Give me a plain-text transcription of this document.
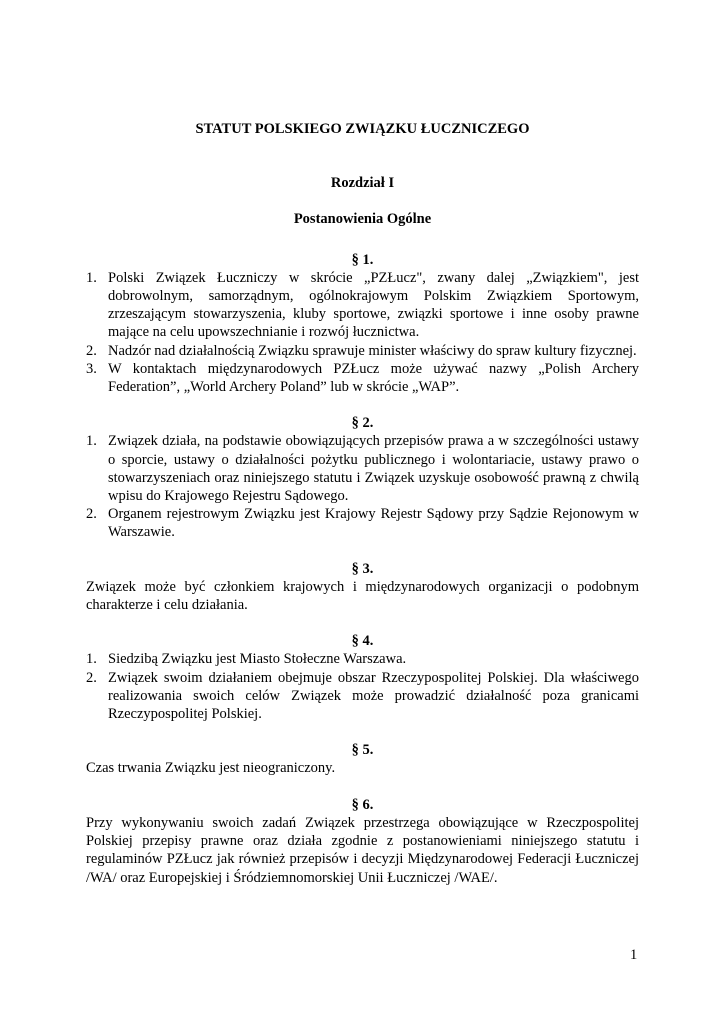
STATUT POLSKIEGO ZWIĄZKU ŁUCZNICZEGO

Rozdział I

Postanowienia Ogólne

§ 1.

1. Polski Związek Łuczniczy w skrócie „PZŁucz", zwany dalej „Związkiem", jest dobrowolnym, samorządnym, ogólnokrajowym Polskim Związkiem Sportowym, zrzeszającym stowarzyszenia, kluby sportowe, związki sportowe i inne osoby prawne mające na celu upowszechnianie i rozwój łucznictwa.
2. Nadzór nad działalnością Związku sprawuje minister właściwy do spraw kultury fizycznej.
3. W kontaktach międzynarodowych PZŁucz może używać nazwy „Polish Archery Federation”, „World Archery Poland” lub w skrócie „WAP”.

§ 2.

1. Związek działa, na podstawie obowiązujących przepisów prawa a w szczególności ustawy o sporcie, ustawy o działalności pożytku publicznego i wolontariacie, ustawy prawo o stowarzyszeniach oraz niniejszego statutu i Związek uzyskuje osobowość prawną z chwilą wpisu do Krajowego Rejestru Sądowego.
2. Organem rejestrowym Związku jest Krajowy Rejestr Sądowy przy Sądzie Rejonowym w Warszawie.

§ 3.

Związek może być członkiem krajowych i międzynarodowych organizacji o podobnym charakterze i celu działania.

§ 4.

1. Siedzibą Związku jest Miasto Stołeczne Warszawa.
2. Związek swoim działaniem obejmuje obszar Rzeczypospolitej Polskiej. Dla właściwego realizowania swoich celów Związek może prowadzić działalność poza granicami Rzeczypospolitej Polskiej.

§ 5.

Czas trwania Związku jest nieograniczony.

§ 6.

Przy wykonywaniu swoich zadań Związek przestrzega obowiązujące w Rzeczpospolitej Polskiej przepisy prawne oraz działa zgodnie z postanowieniami niniejszego statutu i regulaminów PZŁucz jak również przepisów i decyzji Międzynarodowej Federacji Łuczniczej /WA/ oraz Europejskiej i Śródziemnomorskiej Unii Łuczniczej /WAE/.

1
